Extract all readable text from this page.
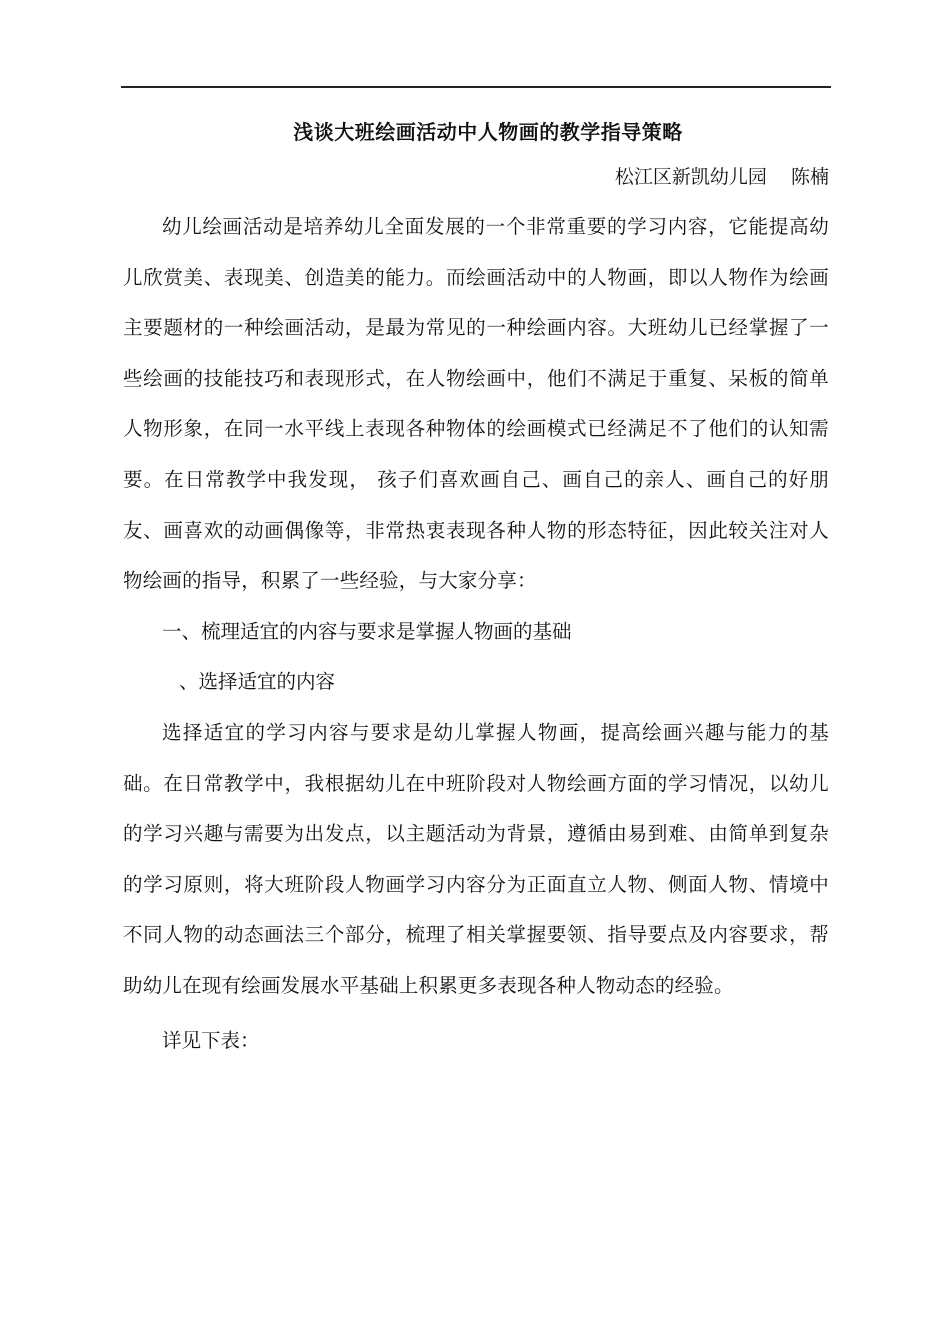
浅谈大班绘画活动中人物画的教学指导策略

松江区新凯幼儿园    陈楠

幼儿绘画活动是培养幼儿全面发展的一个非常重要的学习内容，它能提高幼儿欣赏美、表现美、创造美的能力。而绘画活动中的人物画，即以人物作为绘画主要题材的一种绘画活动，是最为常见的一种绘画内容。大班幼儿已经掌握了一些绘画的技能技巧和表现形式，在人物绘画中，他们不满足于重复、呆板的简单人物形象，在同一水平线上表现各种物体的绘画模式已经满足不了他们的认知需要。在日常教学中我发现， 孩子们喜欢画自己、画自己的亲人、画自己的好朋友、画喜欢的动画偶像等，非常热衷表现各种人物的形态特征，因此较关注对人物绘画的指导，积累了一些经验，与大家分享：

一、梳理适宜的内容与要求是掌握人物画的基础

、选择适宜的内容

选择适宜的学习内容与要求是幼儿掌握人物画，提高绘画兴趣与能力的基础。在日常教学中，我根据幼儿在中班阶段对人物绘画方面的学习情况，以幼儿的学习兴趣与需要为出发点，以主题活动为背景，遵循由易到难、由简单到复杂的学习原则，将大班阶段人物画学习内容分为正面直立人物、侧面人物、情境中不同人物的动态画法三个部分，梳理了相关掌握要领、指导要点及内容要求，帮助幼儿在现有绘画发展水平基础上积累更多表现各种人物动态的经验。

详见下表：
